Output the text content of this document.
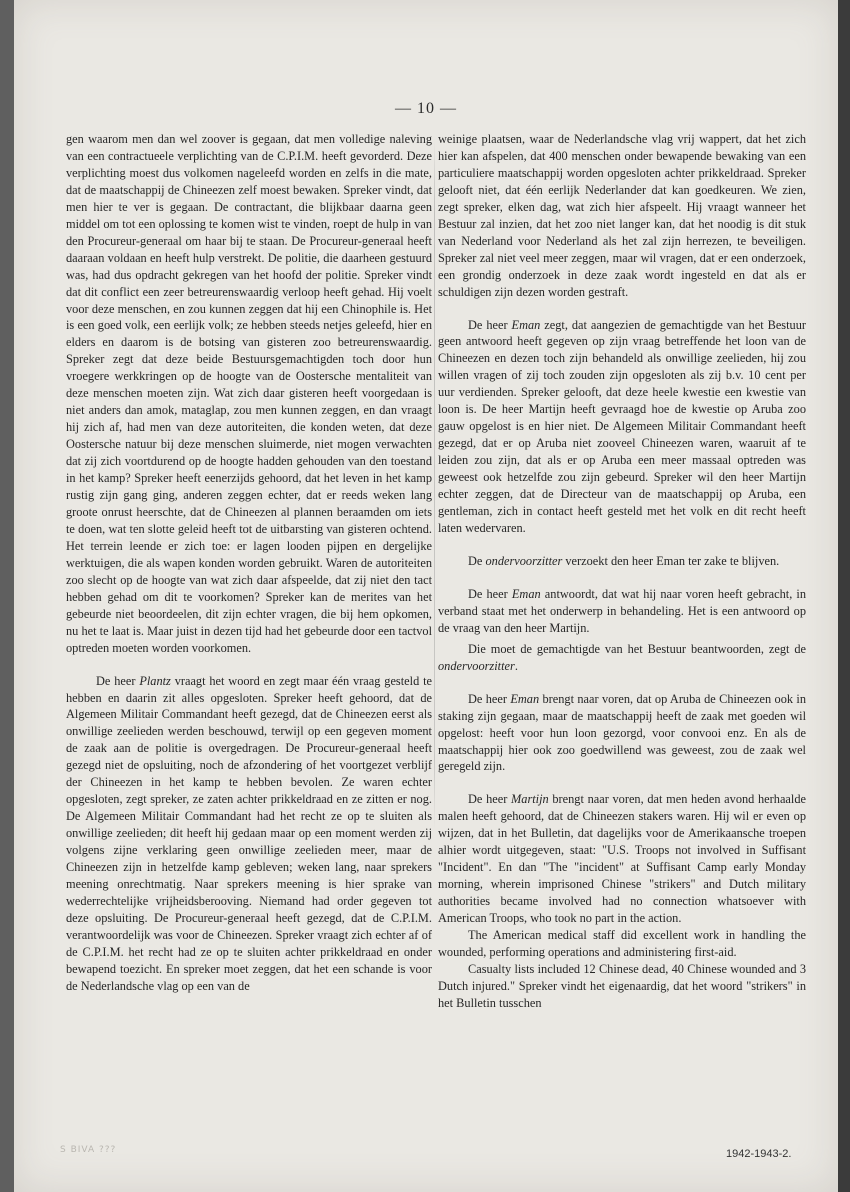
— 10 —

gen waarom men dan wel zoover is gegaan, dat men volledige naleving van een contractueele verplichting van de C.P.I.M. heeft gevorderd. Deze verplichting moest dus volkomen nageleefd worden en zelfs in die mate, dat de maatschappij de Chineezen zelf moest bewaken. Spreker vindt, dat men hier te ver is gegaan. De contractant, die blijkbaar daarna geen middel om tot een oplossing te komen wist te vinden, roept de hulp in van den Procureur-generaal om haar bij te staan. De Procureur-generaal heeft daaraan voldaan en heeft hulp verstrekt. De politie, die daarheen gestuurd was, had dus opdracht gekregen van het hoofd der politie. Spreker vindt dat dit conflict een zeer betreurenswaardig verloop heeft gehad. Hij voelt voor deze menschen, en zou kunnen zeggen dat hij een Chinophile is. Het is een goed volk, een eerlijk volk; ze hebben steeds netjes geleefd, hier en elders en daarom is de botsing van gisteren zoo betreurenswaardig. Spreker zegt dat deze beide Bestuursgemachtigden toch door hun vroegere werkkringen op de hoogte van de Oostersche mentaliteit van deze menschen moeten zijn. Wat zich daar gisteren heeft voorgedaan is niet anders dan amok, mataglap, zou men kunnen zeggen, en dan vraagt hij zich af, had men van deze autoriteiten, die konden weten, dat deze Oostersche natuur bij deze menschen sluimerde, niet mogen verwachten dat zij zich voortdurend op de hoogte hadden gehouden van den toestand in het kamp? Spreker heeft eenerzijds gehoord, dat het leven in het kamp rustig zijn gang ging, anderen zeggen echter, dat er reeds weken lang groote onrust heerschte, dat de Chineezen al plannen beraamden om iets te doen, wat ten slotte geleid heeft tot de uitbarsting van gisteren ochtend. Het terrein leende er zich toe: er lagen looden pijpen en dergelijke werktuigen, die als wapen konden worden gebruikt. Waren de autoriteiten zoo slecht op de hoogte van wat zich daar afspeelde, dat zij niet den tact hebben gehad om dit te voorkomen? Spreker kan de merites van het gebeurde niet beoordeelen, dit zijn echter vragen, die bij hem opkomen, nu het te laat is. Maar juist in dezen tijd had het gebeurde door een tactvol optreden moeten worden voorkomen.

De heer Plantz vraagt het woord en zegt maar één vraag gesteld te hebben en daarin zit alles opgesloten. Spreker heeft gehoord, dat de Algemeen Militair Commandant heeft gezegd, dat de Chineezen eerst als onwillige zeelieden werden beschouwd, terwijl op een gegeven moment de zaak aan de politie is overgedragen. De Procureur-generaal heeft gezegd niet de opsluiting, noch de afzondering of het voortgezet verblijf der Chineezen in het kamp te hebben bevolen. Ze waren echter opgesloten, zegt spreker, ze zaten achter prikkeldraad en ze zitten er nog. De Algemeen Militair Commandant had het recht ze op te sluiten als onwillige zeelieden; dit heeft hij gedaan maar op een moment werden zij volgens zijne verklaring geen onwillige zeelieden meer, maar de Chineezen zijn in hetzelfde kamp gebleven; weken lang, naar sprekers meening onrechtmatig. Naar sprekers meening is hier sprake van wederrechtelijke vrijheidsberooving. Niemand had order gegeven tot deze opsluiting. De Procureur-generaal heeft gezegd, dat de C.P.I.M. verantwoordelijk was voor de Chineezen. Spreker vraagt zich echter af of de C.P.I.M. het recht had ze op te sluiten achter prikkeldraad en onder bewapend toezicht. En spreker moet zeggen, dat het een schande is voor de Nederlandsche vlag op een van de

weinige plaatsen, waar de Nederlandsche vlag vrij wappert, dat het zich hier kan afspelen, dat 400 menschen onder bewapende bewaking van een particuliere maatschappij worden opgesloten achter prikkeldraad. Spreker gelooft niet, dat één eerlijk Nederlander dat kan goedkeuren. We zien, zegt spreker, elken dag, wat zich hier afspeelt. Hij vraagt wanneer het Bestuur zal inzien, dat het zoo niet langer kan, dat het noodig is dit stuk van Nederland voor Nederland als het zal zijn herrezen, te beveiligen. Spreker zal niet veel meer zeggen, maar wil vragen, dat er een onderzoek, een grondig onderzoek in deze zaak wordt ingesteld en dat als er schuldigen zijn dezen worden gestraft.

De heer Eman zegt, dat aangezien de gemachtigde van het Bestuur geen antwoord heeft gegeven op zijn vraag betreffende het loon van de Chineezen en dezen toch zijn behandeld als onwillige zeelieden, hij zou willen vragen of zij toch zouden zijn opgesloten als zij b.v. 10 cent per uur verdienden. Spreker gelooft, dat deze heele kwestie een kwestie van loon is. De heer Martijn heeft gevraagd hoe de kwestie op Aruba zoo gauw opgelost is en hier niet. De Algemeen Militair Commandant heeft gezegd, dat er op Aruba niet zooveel Chineezen waren, waaruit af te leiden zou zijn, dat als er op Aruba een meer massaal optreden was geweest ook hetzelfde zou zijn gebeurd. Spreker wil den heer Martijn echter zeggen, dat de Directeur van de maatschappij op Aruba, een gentleman, zich in contact heeft gesteld met het volk en dit recht heeft laten wedervaren.

De ondervoorzitter verzoekt den heer Eman ter zake te blijven.

De heer Eman antwoordt, dat wat hij naar voren heeft gebracht, in verband staat met het onderwerp in behandeling. Het is een antwoord op de vraag van den heer Martijn.

Die moet de gemachtigde van het Bestuur beantwoorden, zegt de ondervoorzitter.

De heer Eman brengt naar voren, dat op Aruba de Chineezen ook in staking zijn gegaan, maar de maatschappij heeft de zaak met goeden wil opgelost: heeft voor hun loon gezorgd, voor convooi enz. En als de maatschappij hier ook zoo goedwillend was geweest, zou de zaak wel geregeld zijn.

De heer Martijn brengt naar voren, dat men heden avond herhaalde malen heeft gehoord, dat de Chineezen stakers waren. Hij wil er even op wijzen, dat in het Bulletin, dat dagelijks voor de Amerikaansche troepen alhier wordt uitgegeven, staat: "U.S. Troops not involved in Suffisant "Incident". En dan "The "incident" at Suffisant Camp early Monday morning, wherein imprisoned Chinese "strikers" and Dutch military authorities became involved had no connection whatsoever with American Troops, who took no part in the action.

The American medical staff did excellent work in handling the wounded, performing operations and administering first-aid.

Casualty lists included 12 Chinese dead, 40 Chinese wounded and 3 Dutch injured." Spreker vindt het eigenaardig, dat het woord "strikers" in het Bulletin tusschen

S BIVA ???	1942-1943-2.
